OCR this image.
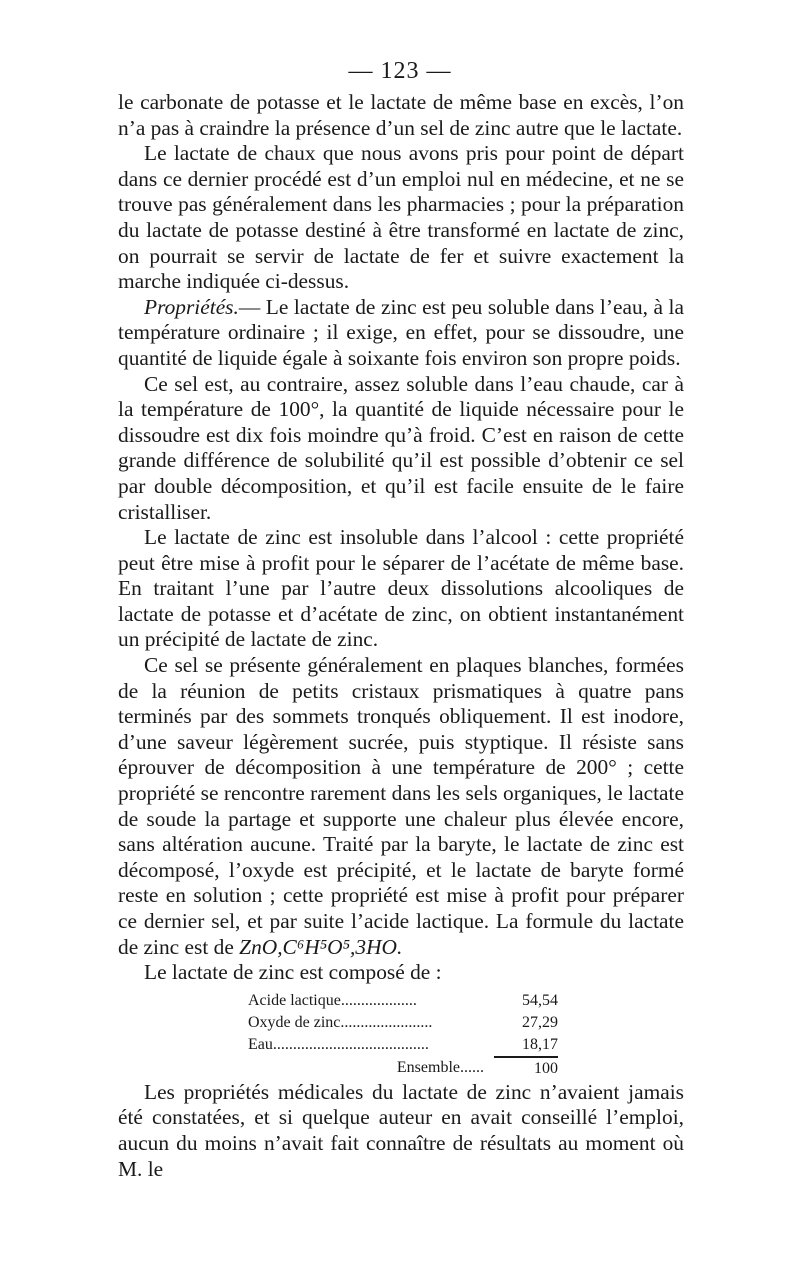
— 123 —

le carbonate de potasse et le lactate de même base en excès, l’on n’a pas à craindre la présence d’un sel de zinc autre que le lactate.

Le lactate de chaux que nous avons pris pour point de départ dans ce dernier procédé est d’un emploi nul en médecine, et ne se trouve pas généralement dans les pharmacies ; pour la préparation du lactate de potasse destiné à être transformé en lactate de zinc, on pourrait se servir de lactate de fer et suivre exactement la marche indiquée ci-dessus.

Propriétés.— Le lactate de zinc est peu soluble dans l’eau, à la température ordinaire ; il exige, en effet, pour se dissoudre, une quantité de liquide égale à soixante fois environ son propre poids.

Ce sel est, au contraire, assez soluble dans l’eau chaude, car à la température de 100°, la quantité de liquide nécessaire pour le dissoudre est dix fois moindre qu’à froid. C’est en raison de cette grande différence de solubilité qu’il est possible d’obtenir ce sel par double décomposition, et qu’il est facile ensuite de le faire cristalliser.

Le lactate de zinc est insoluble dans l’alcool : cette propriété peut être mise à profit pour le séparer de l’acétate de même base. En traitant l’une par l’autre deux dissolutions alcooliques de lactate de potasse et d’acétate de zinc, on obtient instantanément un précipité de lactate de zinc.

Ce sel se présente généralement en plaques blanches, formées de la réunion de petits cristaux prismatiques à quatre pans terminés par des sommets tronqués obliquement. Il est inodore, d’une saveur légèrement sucrée, puis styptique. Il résiste sans éprouver de décomposition à une température de 200° ; cette propriété se rencontre rarement dans les sels organiques, le lactate de soude la partage et supporte une chaleur plus élevée encore, sans altération aucune. Traité par la baryte, le lactate de zinc est décomposé, l’oxyde est précipité, et le lactate de baryte formé reste en solution ; cette propriété est mise à profit pour préparer ce dernier sel, et par suite l’acide lactique. La formule du lactate de zinc est de ZnO,C⁶H⁵O⁵,3HO.

Le lactate de zinc est composé de :

Acide lactique...................	54,54
Oxyde de zinc.......................	27,29
Eau.......................................	18,17
Ensemble......	100

Les propriétés médicales du lactate de zinc n’avaient jamais été constatées, et si quelque auteur en avait conseillé l’emploi, aucun du moins n’avait fait connaître de résultats au moment où M. le
